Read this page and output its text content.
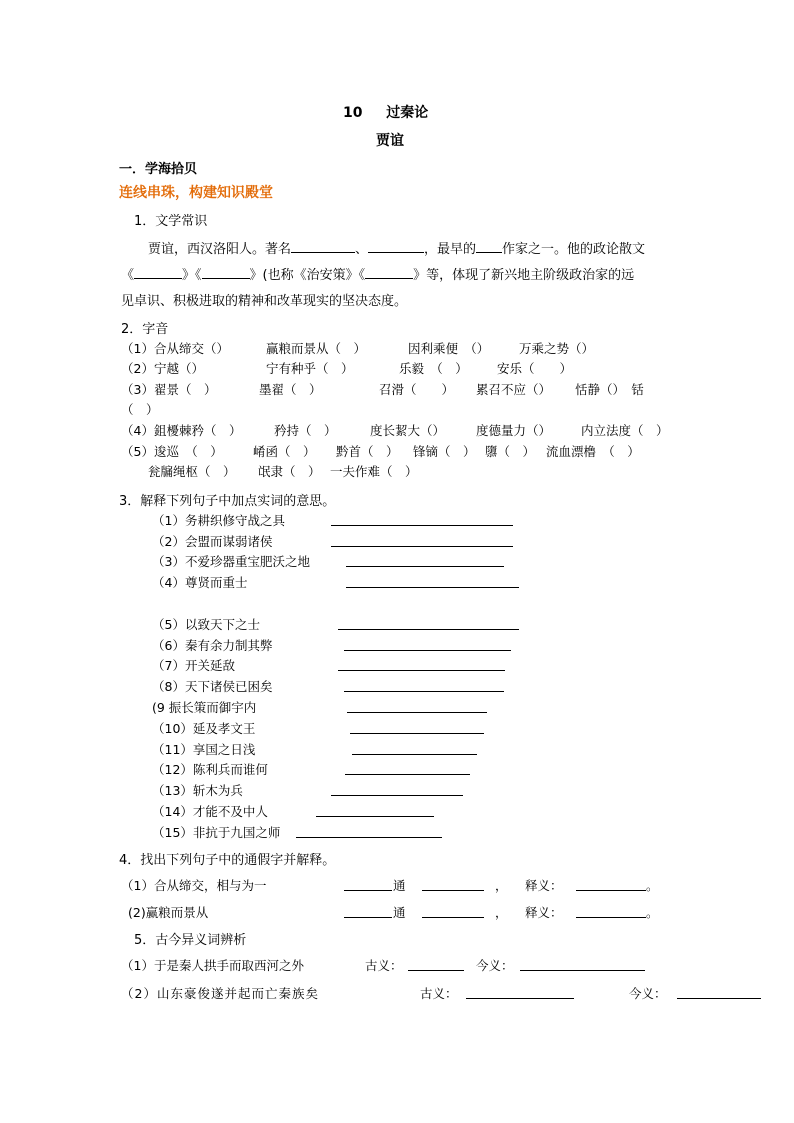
10 过秦论
贾谊
一．学海拾贝
连线串珠，构建知识殿堂
1．文学常识
贾谊，西汉洛阳人。著名	、	，最早的 作家之一。他的政论散文
《	》《	》(也称《治安策》《	》等，体现了新兴地主阶级政治家的远
见卓识、积极进取的精神和改革现实的坚决态度。
2．字音
（1） 合从缔交（）	赢粮而景从（　）	因利乘便　（） 万乘之势（）
（2） 宁越（）	宁有种乎（　）	乐毅　（　） 安乐（　　）
（3） 翟景（　）	墨翟（　）	召滑（　　） 累召不应（） 恬静（）　铦
（　）
（4） 鉏櫌棘矜（　）	矜持（　）	度长絜大（） 度德量力（） 内立法度（　）
（5） 逡巡　（　） 崤函（　） 黔首（　） 锋镝（　） 隳（　） 流血漂橹　（　）
瓮牖绳枢（　） 氓隶（　） 一夫作难（　）
3．解释下列句子中加点实词的意思。
（1）务耕织修守战之具
（2）会盟而谋弱诸侯
（3）不爱珍器重宝肥沃之地
（4）尊贤而重士
（5）以致天下之士
（6）秦有余力制其弊
（7）开关延敌
（8）天下诸侯已困矣
(9 振长策而御宇内
（10）延及孝文王
（11）享国之日浅
（12）陈利兵而谁何
（13）斩木为兵
（14）才能不及中人
（15）非抗于九国之师
4．找出下列句子中的通假字并解释。
（1）合从缔交，相与为一	通	， 释义：	。
(2)赢粮而景从	通	， 释义：	。
5．古今异义词辨析
（1）于是秦人拱手而取西河之外	古义：	今义：
（2）山东豪俊遂并起而亡秦族矣	古义：	今义：
